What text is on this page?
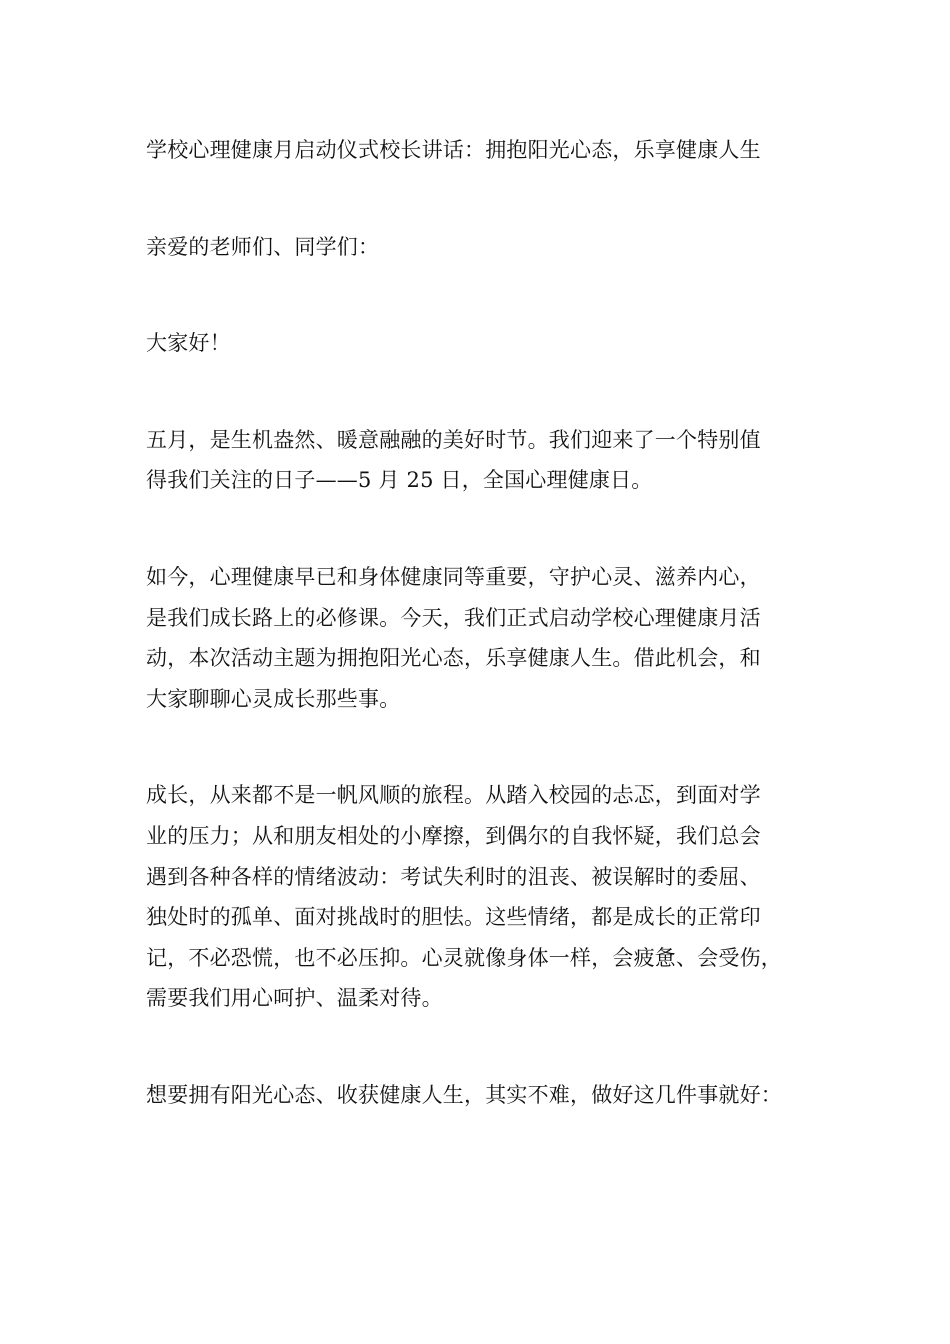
学校心理健康月启动仪式校长讲话：拥抱阳光心态，乐享健康人生

亲爱的老师们、同学们：

大家好！

五月，是生机盎然、暖意融融的美好时节。我们迎来了一个特别值
得我们关注的日子——5 月 25 日，全国心理健康日。

如今，心理健康早已和身体健康同等重要，守护心灵、滋养内心，
是我们成长路上的必修课。今天，我们正式启动学校心理健康月活
动，本次活动主题为拥抱阳光心态，乐享健康人生。借此机会，和
大家聊聊心灵成长那些事。

成长，从来都不是一帆风顺的旅程。从踏入校园的忐忑，到面对学
业的压力；从和朋友相处的小摩擦，到偶尔的自我怀疑，我们总会
遇到各种各样的情绪波动：考试失利时的沮丧、被误解时的委屈、
独处时的孤单、面对挑战时的胆怯。这些情绪，都是成长的正常印
记，不必恐慌，也不必压抑。心灵就像身体一样，会疲惫、会受伤，
需要我们用心呵护、温柔对待。

想要拥有阳光心态、收获健康人生，其实不难，做好这几件事就好：
